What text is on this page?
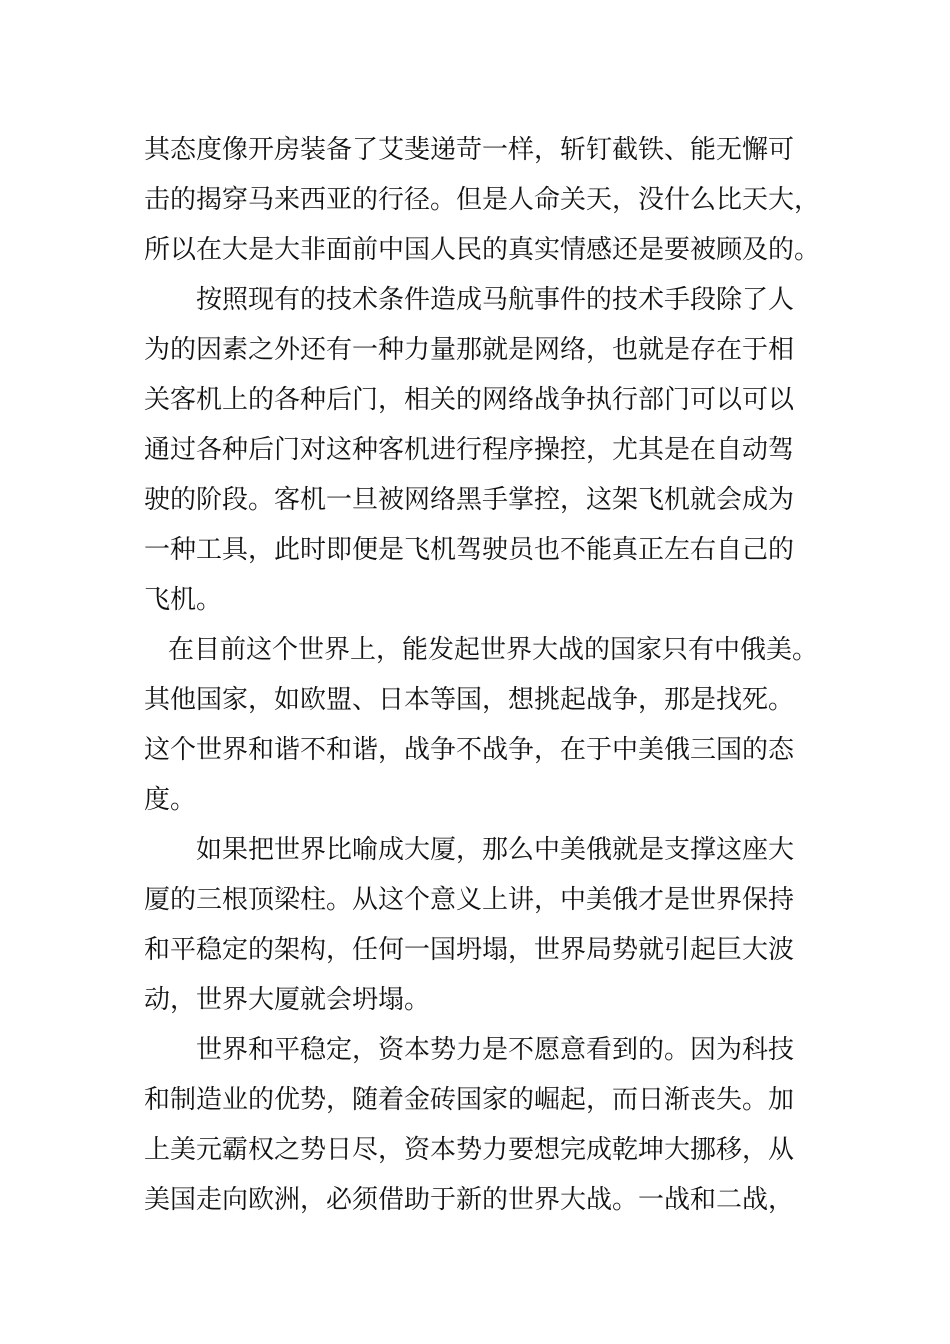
其态度像开房装备了艾斐递苛一样，斩钉截铁、能无懈可
击的揭穿马来西亚的行径。但是人命关天，没什么比天大，
所以在大是大非面前中国人民的真实情感还是要被顾及的。
按照现有的技术条件造成马航事件的技术手段除了人
为的因素之外还有一种力量那就是网络，也就是存在于相
关客机上的各种后门，相关的网络战争执行部门可以可以
通过各种后门对这种客机进行程序操控，尤其是在自动驾
驶的阶段。客机一旦被网络黑手掌控，这架飞机就会成为
一种工具，此时即便是飞机驾驶员也不能真正左右自己的
飞机。
在目前这个世界上，能发起世界大战的国家只有中俄美。
其他国家，如欧盟、日本等国，想挑起战争，那是找死。
这个世界和谐不和谐，战争不战争，在于中美俄三国的态
度。
如果把世界比喻成大厦，那么中美俄就是支撑这座大
厦的三根顶梁柱。从这个意义上讲，中美俄才是世界保持
和平稳定的架构，任何一国坍塌，世界局势就引起巨大波
动，世界大厦就会坍塌。
世界和平稳定，资本势力是不愿意看到的。因为科技
和制造业的优势，随着金砖国家的崛起，而日渐丧失。加
上美元霸权之势日尽，资本势力要想完成乾坤大挪移，从
美国走向欧洲，必须借助于新的世界大战。一战和二战，
